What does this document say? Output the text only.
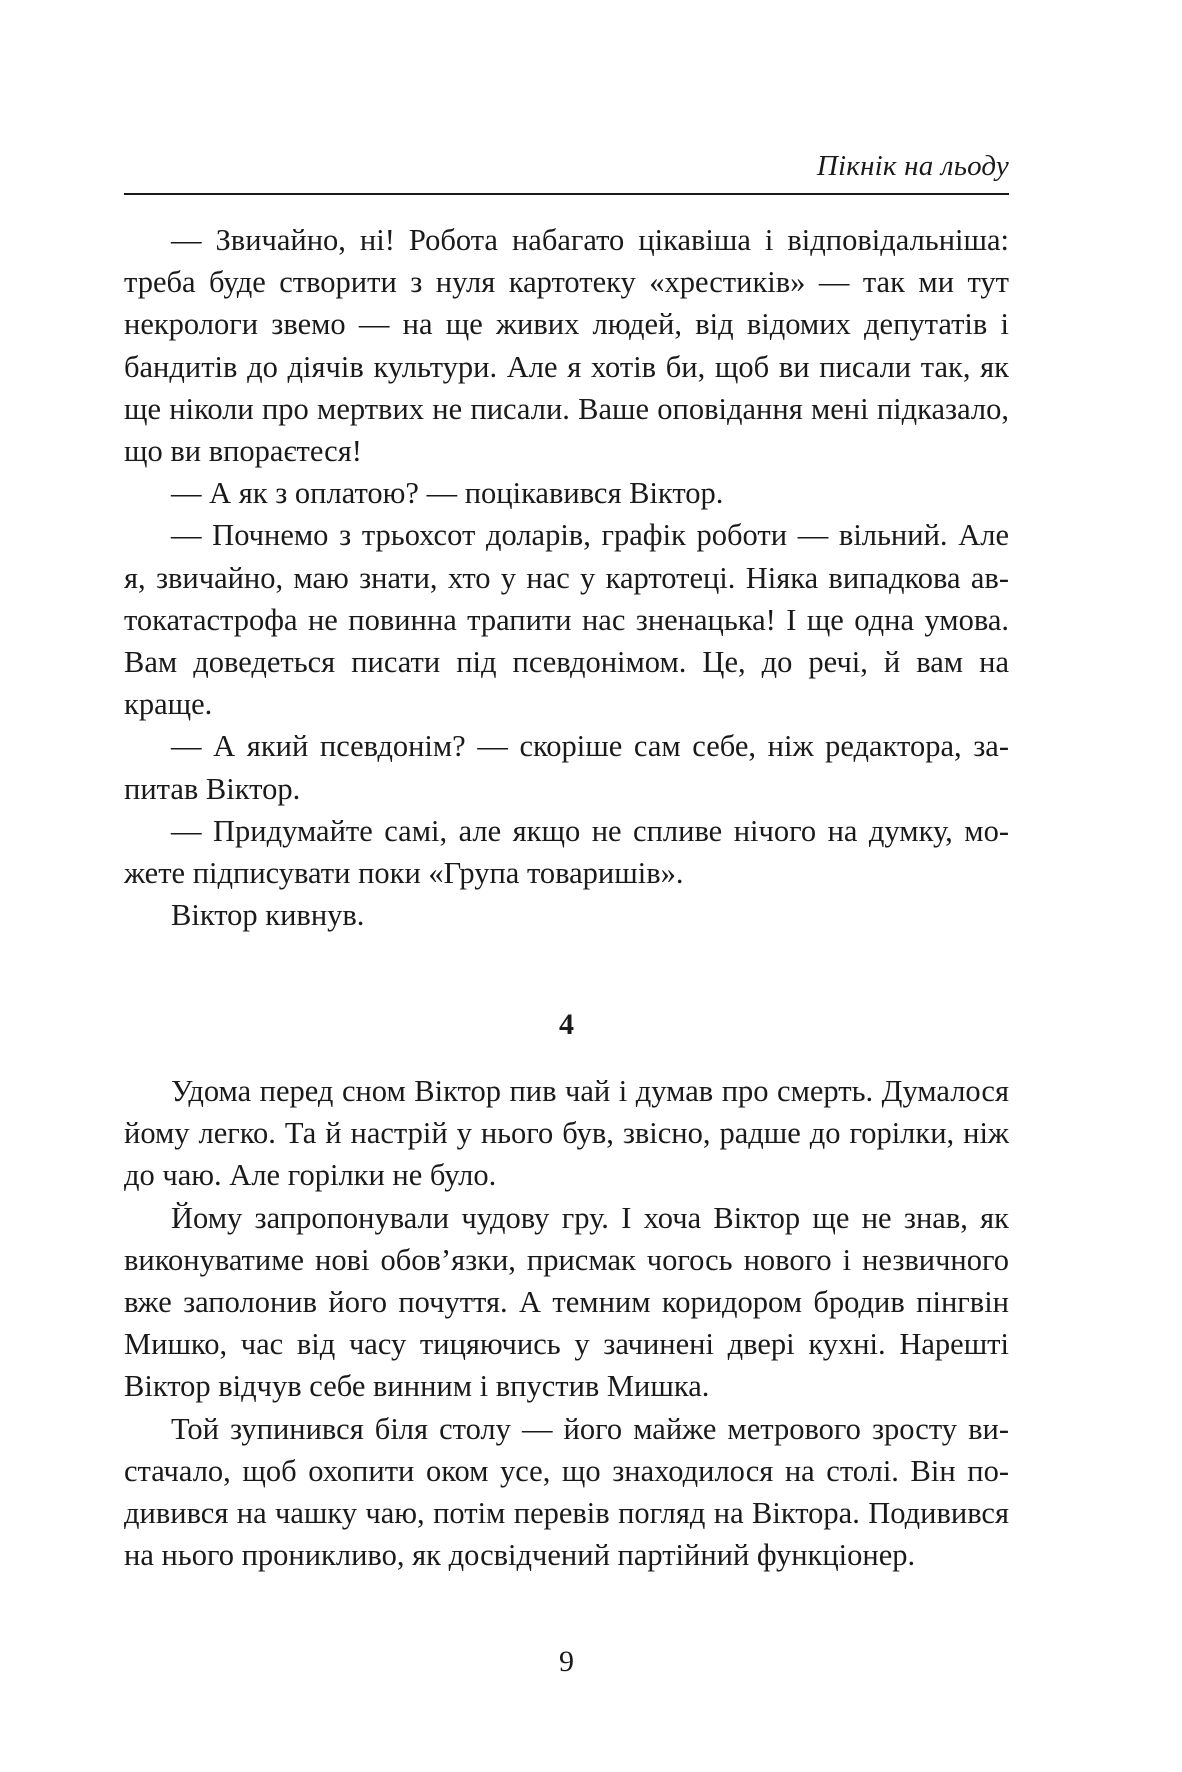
Пікнік на льоду

— Звичайно, ні! Робота набагато цікавіша і відповідальніша: треба буде створити з нуля картотеку «хрестиків» — так ми тут некрологи звемо — на ще живих людей, від відомих депутатів і бандитів до діячів культури. Але я хотів би, щоб ви писали так, як ще ніколи про мертвих не писали. Ваше оповідання мені підказало, що ви впораєтеся!

— А як з оплатою? — поцікавився Віктор.

— Почнемо з трьохсот доларів, графік роботи — вільний. Але я, звичайно, маю знати, хто у нас у картотеці. Ніяка випадкова автокатастрофа не повинна трапити нас зненацька! І ще одна умова. Вам доведеться писати під псевдонімом. Це, до речі, й вам на краще.

— А який псевдонім? — скоріше сам себе, ніж редактора, запитав Віктор.

— Придумайте самі, але якщо не спливе нічого на думку, можете підписувати поки «Група товаришів».

Віктор кивнув.

4

Удома перед сном Віктор пив чай і думав про смерть. Думалося йому легко. Та й настрій у нього був, звісно, радше до горілки, ніж до чаю. Але горілки не було.

Йому запропонували чудову гру. І хоча Віктор ще не знав, як виконуватиме нові обов’язки, присмак чогось нового і незвичного вже заполонив його почуття. А темним коридором бродив пінгвін Мишко, час від часу тицяючись у зачинені двері кухні. Нарешті Віктор відчув себе винним і впустив Мишка.

Той зупинився біля столу — його майже метрового зросту вистачало, щоб охопити оком усе, що знаходилося на столі. Він подивився на чашку чаю, потім перевів погляд на Віктора. Подивився на нього проникливо, як досвідчений партійний функціонер.

9
